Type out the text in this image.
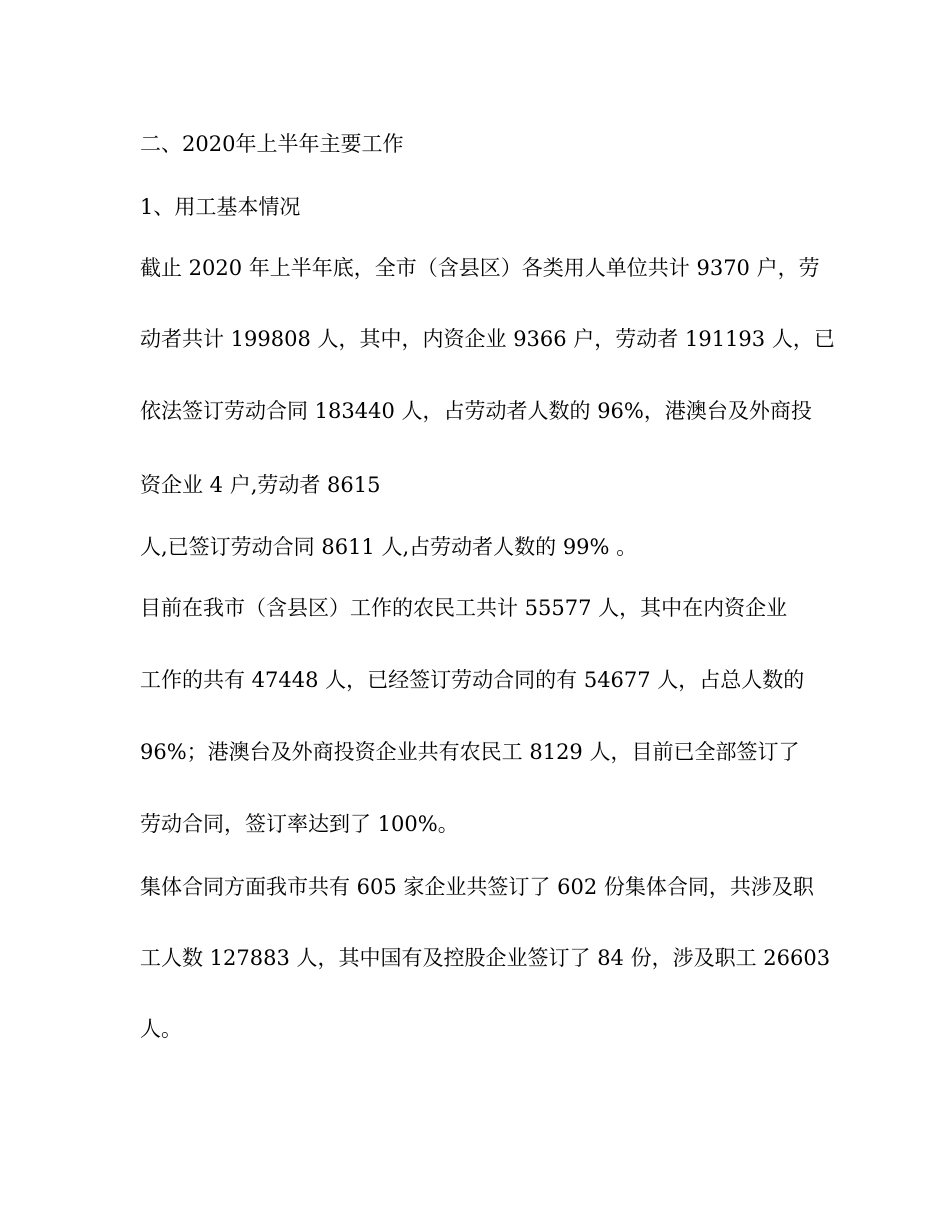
二、2020年上半年主要工作
1、用工基本情况
截止 2020 年上半年底，全市（含县区）各类用人单位共计 9370 户，劳
动者共计 199808 人，其中，内资企业 9366 户，劳动者 191193 人，已
依法签订劳动合同 183440 人，占劳动者人数的 96%，港澳台及外商投
资企业 4 户,劳动者 8615
人,已签订劳动合同 8611 人,占劳动者人数的 99% 。
目前在我市（含县区）工作的农民工共计 55577 人，其中在内资企业
工作的共有 47448 人，已经签订劳动合同的有 54677 人，占总人数的
96%；港澳台及外商投资企业共有农民工 8129 人，目前已全部签订了
劳动合同，签订率达到了 100%。
集体合同方面我市共有 605 家企业共签订了 602 份集体合同，共涉及职
工人数 127883 人，其中国有及控股企业签订了 84 份，涉及职工 26603
人。
